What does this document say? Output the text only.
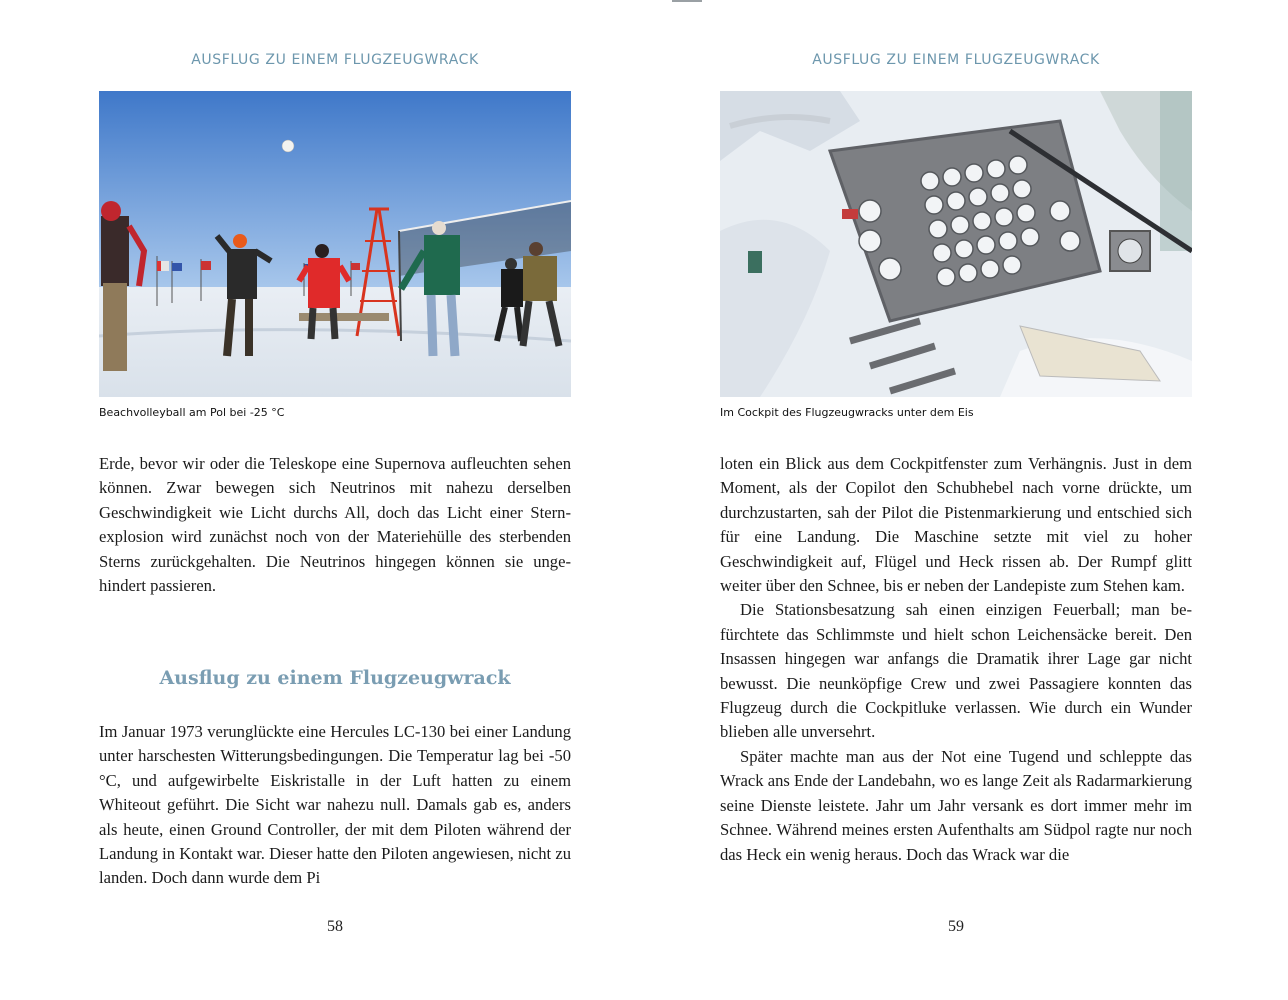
AUSFLUG ZU EINEM FLUGZEUGWRACK
Beachvolleyball am Pol bei -25 °C

Erde, bevor wir oder die Teleskope eine Supernova aufleuchten sehen können. Zwar bewegen sich Neutrinos mit nahezu derselben Geschwindigkeit wie Licht durchs All, doch das Licht einer Sternexplosion wird zunächst noch von der Materiehülle des sterbenden Sterns zurückgehalten. Die Neutrinos hingegen können sie ungehindert passieren.

Ausflug zu einem Flugzeugwrack

Im Januar 1973 verunglückte eine Hercules LC-130 bei einer Landung unter harschesten Witterungsbedingungen. Die Temperatur lag bei -50 °C, und aufgewirbelte Eiskristalle in der Luft hatten zu einem Whiteout geführt. Die Sicht war nahezu null. Damals gab es, anders als heute, einen Ground Controller, der mit dem Piloten während der Landung in Kontakt war. Dieser hatte den Piloten angewiesen, nicht zu landen. Doch dann wurde dem Pi

58
AUSFLUG ZU EINEM FLUGZEUGWRACK
Im Cockpit des Flugzeugwracks unter dem Eis

loten ein Blick aus dem Cockpitfenster zum Verhängnis. Just in dem Moment, als der Copilot den Schubhebel nach vorne drückte, um durchzustarten, sah der Pilot die Pistenmarkierung und entschied sich für eine Landung. Die Maschine setzte mit viel zu hoher Geschwindigkeit auf, Flügel und Heck rissen ab. Der Rumpf glitt weiter über den Schnee, bis er neben der Landepiste zum Stehen kam.

Die Stationsbesatzung sah einen einzigen Feuerball; man befürchtete das Schlimmste und hielt schon Leichensäcke bereit. Den Insassen hingegen war anfangs die Dramatik ihrer Lage gar nicht bewusst. Die neunköpfige Crew und zwei Passagiere konnten das Flugzeug durch die Cockpitluke verlassen. Wie durch ein Wunder blieben alle unversehrt.

Später machte man aus der Not eine Tugend und schleppte das Wrack ans Ende der Landebahn, wo es lange Zeit als Radarmarkierung seine Dienste leistete. Jahr um Jahr versank es dort immer mehr im Schnee. Während meines ersten Aufenthalts am Südpol ragte nur noch das Heck ein wenig heraus. Doch das Wrack war die

59
